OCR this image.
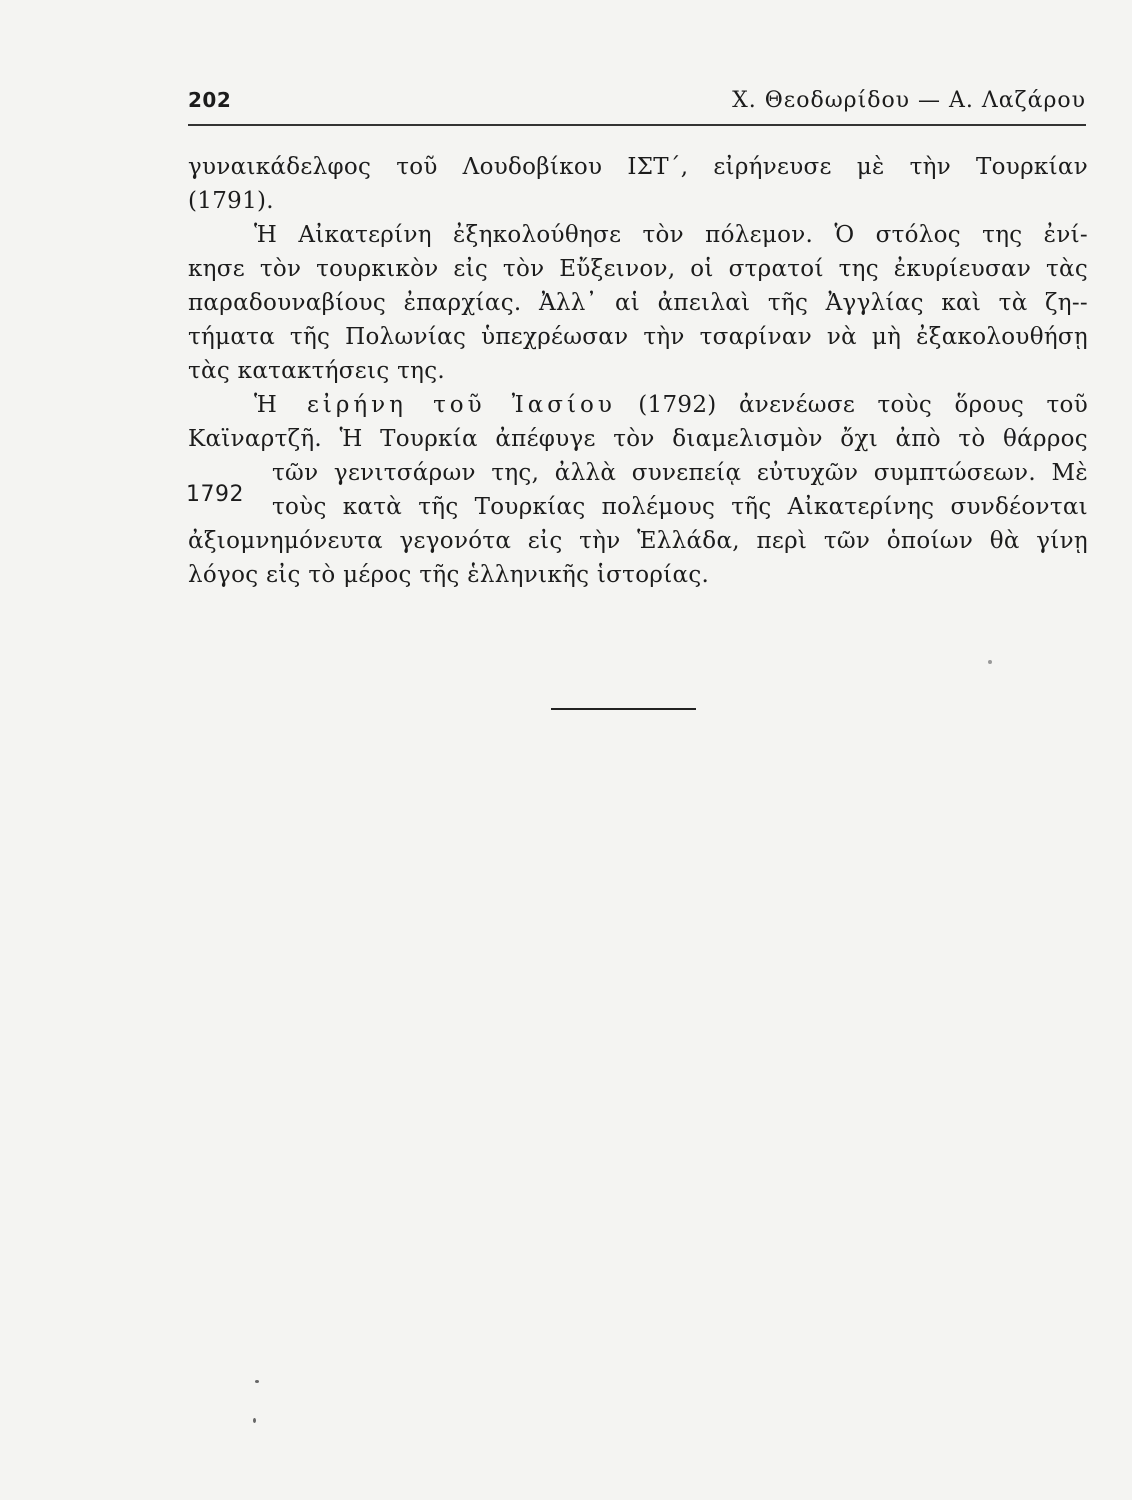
202	Χ. Θεοδωρίδου — Α. Λαζάρου
γυναικάδελφος τοῦ Λουδοβίκου ΙΣΤ΄, εἰρήνευσε μὲ τὴν Τουρκίαν
(1791).
Ἡ Αἰκατερίνη ἐξηκολούθησε τὸν πόλεμον. Ὁ στόλος της ἐνί-
κησε τὸν τουρκικὸν εἰς τὸν Εὔξεινον, οἱ στρατοί της ἐκυρίευσαν τὰς
παραδουναβίους ἐπαρχίας. Ἀλλ᾽ αἱ ἀπειλαὶ τῆς Ἀγγλίας καὶ τὰ ζη--
τήματα τῆς Πολωνίας ὑπεχρέωσαν τὴν τσαρίναν νὰ μὴ ἐξακολουθήσῃ
τὰς κατακτήσεις της.
Ἡ εἰρήνη τοῦ Ἰασίου (1792) ἀνενέωσε τοὺς ὅρους τοῦ
Καϊναρτζῆ. Ἡ Τουρκία ἀπέφυγε τὸν διαμελισμὸν ὄχι ἀπὸ τὸ θάρρος
τῶν γενιτσάρων της, ἀλλὰ συνεπείᾳ εὐτυχῶν συμπτώσεων. Μὲ
τοὺς κατὰ τῆς Τουρκίας πολέμους τῆς Αἰκατερίνης συνδέονται
ἀξιομνημόνευτα γεγονότα εἰς τὴν Ἑλλάδα, περὶ τῶν ὁποίων θὰ γίνῃ
λόγος εἰς τὸ μέρος τῆς ἑλληνικῆς ἱστορίας.
1792
